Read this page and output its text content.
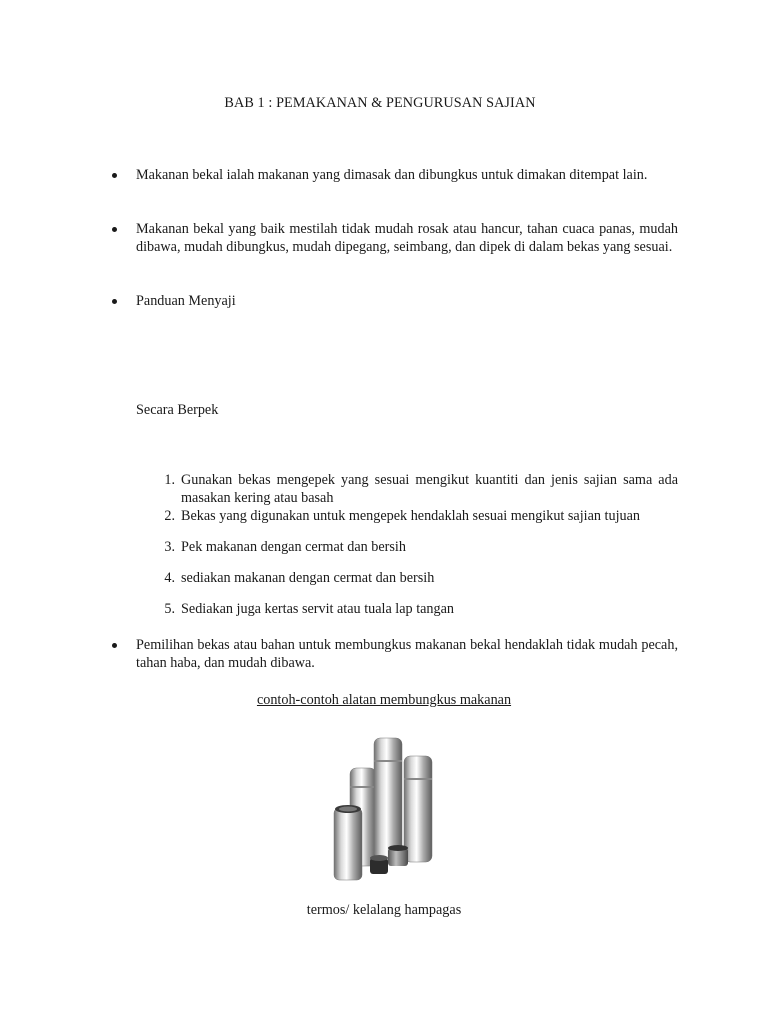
BAB 1 : PEMAKANAN & PENGURUSAN SAJIAN
Makanan bekal ialah makanan yang dimasak dan dibungkus untuk dimakan ditempat lain.
Makanan bekal yang baik mestilah tidak mudah rosak atau hancur, tahan cuaca panas, mudah dibawa, mudah dibungkus, mudah dipegang, seimbang, dan dipek di dalam bekas yang sesuai.
Panduan Menyaji
Secara Berpek
1. Gunakan bekas mengepek yang sesuai mengikut kuantiti dan jenis sajian sama ada masakan kering atau basah
2. Bekas yang digunakan untuk mengepek hendaklah sesuai mengikut sajian tujuan
3. Pek makanan dengan cermat dan bersih
4. sediakan makanan dengan cermat dan bersih
5. Sediakan juga kertas servit atau tuala lap tangan
Pemilihan bekas atau bahan untuk membungkus makanan bekal hendaklah tidak mudah pecah, tahan haba, dan mudah dibawa.
contoh-contoh alatan membungkus makanan
termos/ kelalang hampagas
